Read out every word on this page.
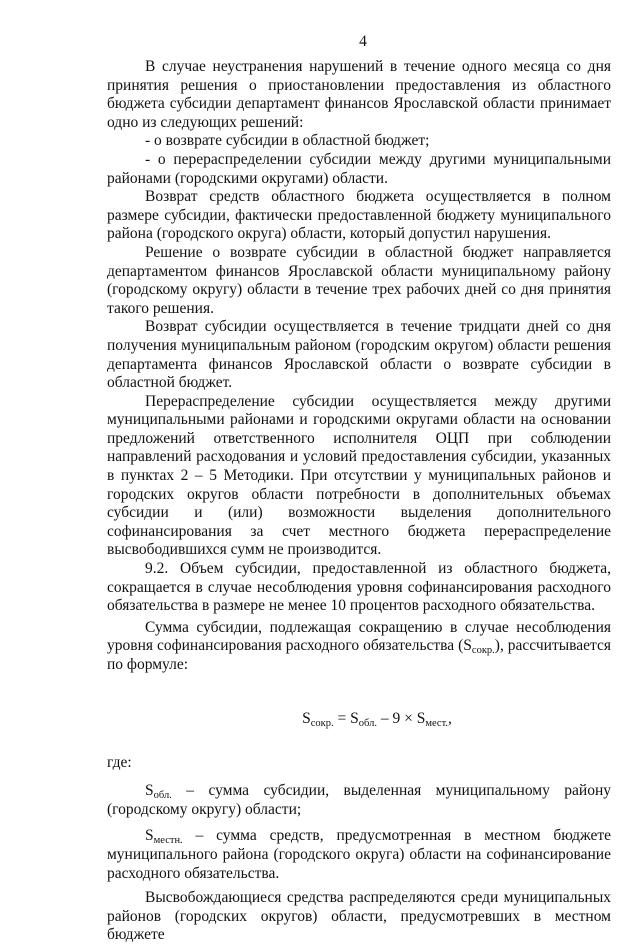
4

В случае неустранения нарушений в течение одного месяца со дня принятия решения о приостановлении предоставления из областного бюджета субсидии департамент финансов Ярославской области принимает одно из следующих решений:

- о возврате субсидии в областной бюджет;

- о перераспределении субсидии между другими муниципальными районами (городскими округами) области.

Возврат средств областного бюджета осуществляется в полном размере субсидии, фактически предоставленной бюджету муниципального района (городского округа) области, который допустил нарушения.

Решение о возврате субсидии в областной бюджет направляется департаментом финансов Ярославской области муниципальному району (городскому округу) области в течение трех рабочих дней со дня принятия такого решения.

Возврат субсидии осуществляется в течение тридцати дней со дня получения муниципальным районом (городским округом) области решения департамента финансов Ярославской области о возврате субсидии в областной бюджет.

Перераспределение субсидии осуществляется между другими муниципальными районами и городскими округами области на основании предложений ответственного исполнителя ОЦП при соблюдении направлений расходования и условий предоставления субсидии, указанных в пунктах 2 – 5 Методики. При отсутствии у муниципальных районов и городских округов области потребности в дополнительных объемах субсидии и (или) возможности выделения дополнительного софинансирования за счет местного бюджета перераспределение высвободившихся сумм не производится.

9.2. Объем субсидии, предоставленной из областного бюджета, сокращается в случае несоблюдения уровня софинансирования расходного обязательства в размере не менее 10 процентов расходного обязательства.

Сумма субсидии, подлежащая сокращению в случае несоблюдения уровня софинансирования расходного обязательства $(S_{сокр.})$, рассчитывается по формуле:

$S_{сокр.} = S_{обл.} - 9 \times S_{мест.}$,

где:

$S_{обл.}$ – сумма субсидии, выделенная муниципальному району (городскому округу) области;

$S_{местн.}$ – сумма средств, предусмотренная в местном бюджете муниципального района (городского округа) области на софинансирование расходного обязательства.

Высвобождающиеся средства распределяются среди муниципальных районов (городских округов) области, предусмотревших в местном бюджете
